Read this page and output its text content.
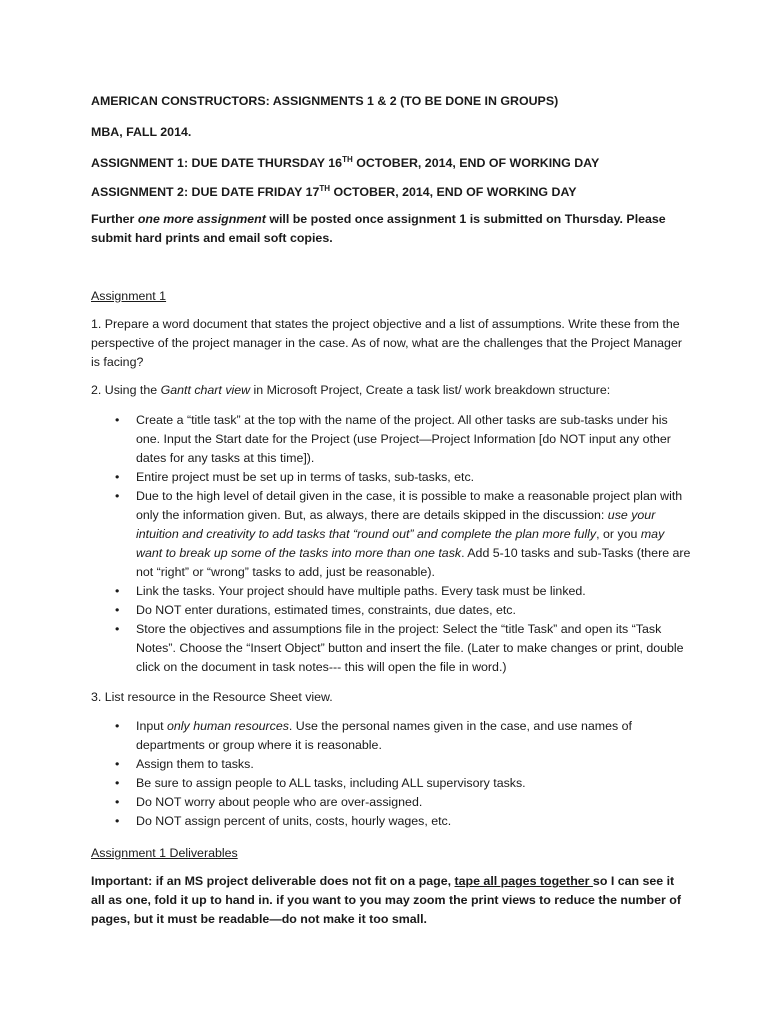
AMERICAN CONSTRUCTORS: ASSIGNMENTS 1 & 2 (TO BE DONE IN GROUPS)

MBA, FALL 2014.

ASSIGNMENT 1: DUE DATE THURSDAY 16TH OCTOBER, 2014, END OF WORKING DAY

ASSIGNMENT 2: DUE DATE FRIDAY 17TH OCTOBER, 2014, END OF WORKING DAY

Further one more assignment will be posted once assignment 1 is submitted on Thursday. Please submit hard prints and email soft copies.

Assignment 1

1. Prepare a word document that states the project objective and a list of assumptions. Write these from the perspective of the project manager in the case. As of now, what are the challenges that the Project Manager is facing?

2. Using the Gantt chart view in Microsoft Project, Create a task list/ work breakdown structure:

• Create a “title task” at the top with the name of the project. All other tasks are sub-tasks under his one. Input the Start date for the Project (use Project—Project Information [do NOT input any other dates for any tasks at this time]).
• Entire project must be set up in terms of tasks, sub-tasks, etc.
• Due to the high level of detail given in the case, it is possible to make a reasonable project plan with only the information given. But, as always, there are details skipped in the discussion: use your intuition and creativity to add tasks that “round out” and complete the plan more fully, or you may want to break up some of the tasks into more than one task. Add 5-10 tasks and sub-Tasks (there are not “right” or “wrong” tasks to add, just be reasonable).
• Link the tasks. Your project should have multiple paths. Every task must be linked.
• Do NOT enter durations, estimated times, constraints, due dates, etc.
• Store the objectives and assumptions file in the project: Select the “title Task” and open its “Task Notes”. Choose the “Insert Object” button and insert the file. (Later to make changes or print, double click on the document in task notes--- this will open the file in word.)

3. List resource in the Resource Sheet view.

• Input only human resources. Use the personal names given in the case, and use names of departments or group where it is reasonable.
• Assign them to tasks.
• Be sure to assign people to ALL tasks, including ALL supervisory tasks.
• Do NOT worry about people who are over-assigned.
• Do NOT assign percent of units, costs, hourly wages, etc.

Assignment 1 Deliverables

Important: if an MS project deliverable does not fit on a page, tape all pages together so I can see it all as one, fold it up to hand in. if you want to you may zoom the print views to reduce the number of pages, but it must be readable—do not make it too small.
